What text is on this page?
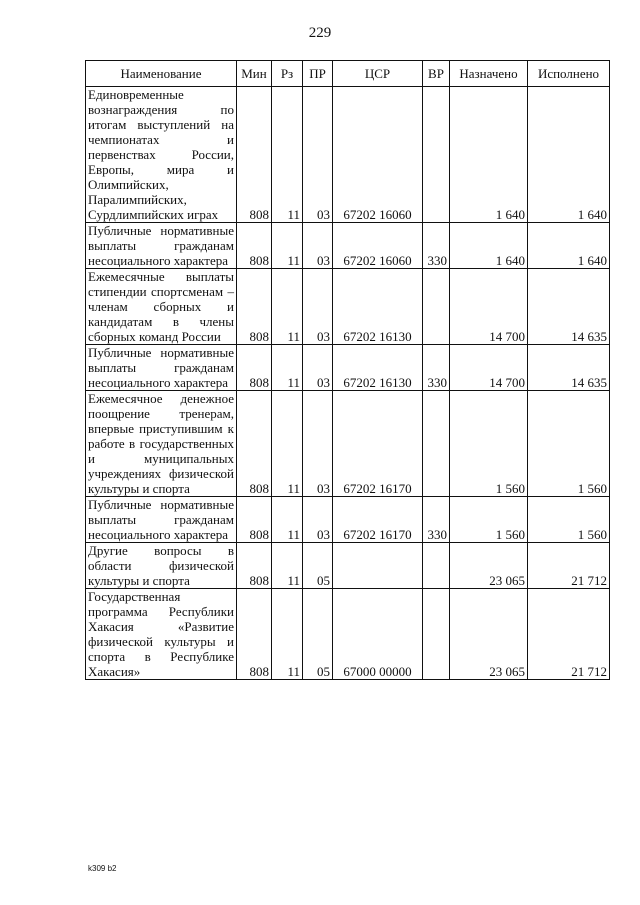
229
Наименование	Мин	Рз	ПР	ЦСР	ВР	Назначено	Исполнено
Единовременные вознаграждения по итогам выступлений на чемпионатах и первенствах России, Европы, мира и Олимпийских, Паралимпийских, Сурдлимпийских играх	808	11	03	67202 16060		1 640	1 640
Публичные нормативные выплаты гражданам несоциального характера	808	11	03	67202 16060	330	1 640	1 640
Ежемесячные выплаты стипендии спортсменам – членам сборных и кандидатам в члены сборных команд России	808	11	03	67202 16130		14 700	14 635
Публичные нормативные выплаты гражданам несоциального характера	808	11	03	67202 16130	330	14 700	14 635
Ежемесячное денежное поощрение тренерам, впервые приступившим к работе в государственных и муниципальных учреждениях физической культуры и спорта	808	11	03	67202 16170		1 560	1 560
Публичные нормативные выплаты гражданам несоциального характера	808	11	03	67202 16170	330	1 560	1 560
Другие вопросы в области физической культуры и спорта	808	11	05			23 065	21 712
Государственная программа Республики Хакасия «Развитие физической культуры и спорта в Республике Хакасия»	808	11	05	67000 00000		23 065	21 712
k309 b2
